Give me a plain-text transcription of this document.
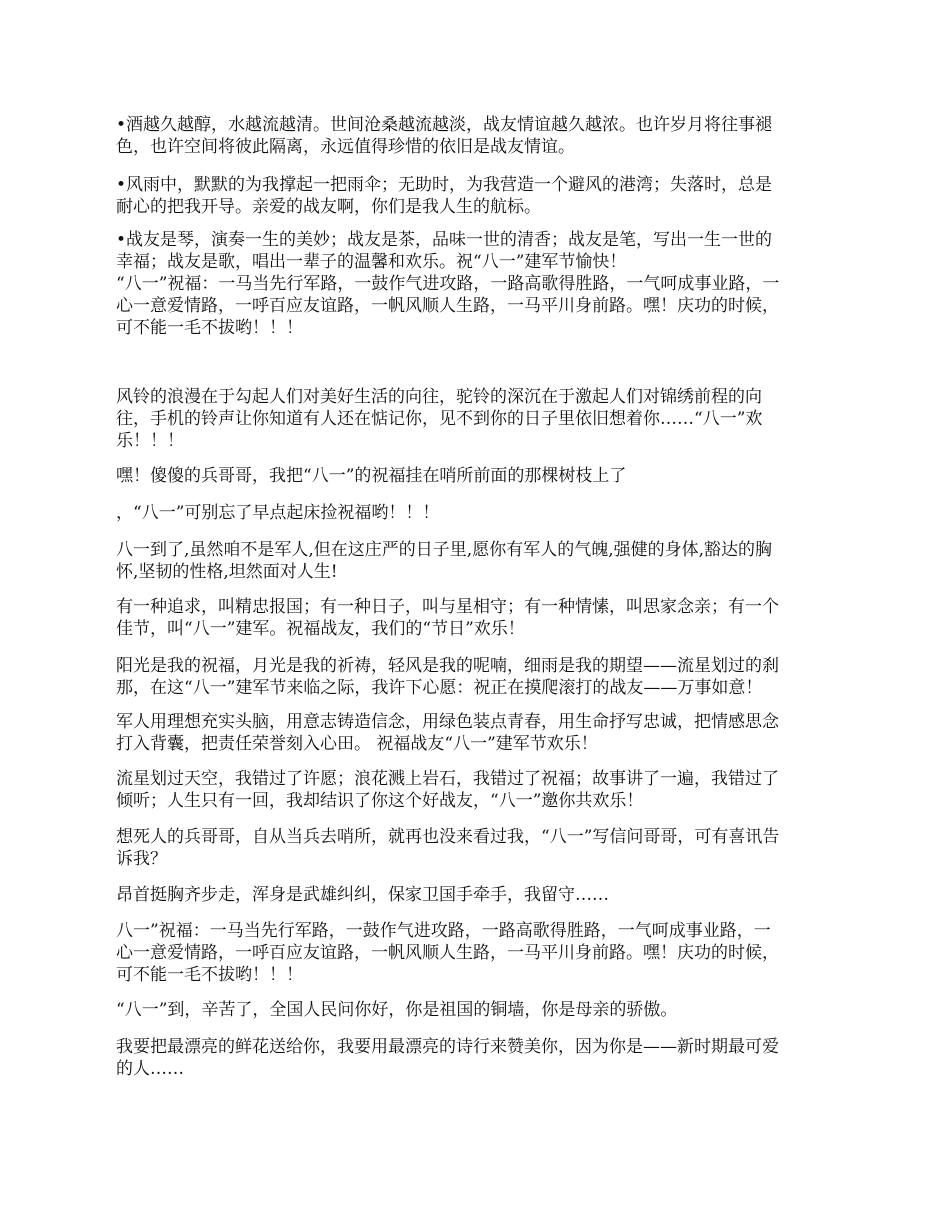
•酒越久越醇，水越流越清。世间沧桑越流越淡，战友情谊越久越浓。也许岁月将往事褪
色，也许空间将彼此隔离，永远值得珍惜的依旧是战友情谊。

•风雨中，默默的为我撑起一把雨伞；无助时，为我营造一个避风的港湾；失落时，总是
耐心的把我开导。亲爱的战友啊，你们是我人生的航标。

•战友是琴，演奏一生的美妙；战友是茶，品味一世的清香；战友是笔，写出一生一世的
幸福；战友是歌，唱出一辈子的温馨和欢乐。祝“八一”建军节愉快！
“八一”祝福：一马当先行军路，一鼓作气进攻路，一路高歌得胜路，一气呵成事业路，一
心一意爱情路，一呼百应友谊路，一帆风顺人生路，一马平川身前路。嘿！庆功的时候，
可不能一毛不拔哟！！！

风铃的浪漫在于勾起人们对美好生活的向往，驼铃的深沉在于激起人们对锦绣前程的向
往，手机的铃声让你知道有人还在惦记你，见不到你的日子里依旧想着你……“八一”欢
乐！！！

嘿！傻傻的兵哥哥，我把“八一”的祝福挂在哨所前面的那棵树枝上了

，“八一”可别忘了早点起床捡祝福哟！！！

八一到了,虽然咱不是军人,但在这庄严的日子里,愿你有军人的气魄,强健的身体,豁达的胸
怀,坚韧的性格,坦然面对人生!

有一种追求，叫精忠报国；有一种日子，叫与星相守；有一种情愫，叫思家念亲；有一个
佳节，叫“八一”建军。祝福战友，我们的“节日”欢乐！

阳光是我的祝福，月光是我的祈祷，轻风是我的呢喃，细雨是我的期望——流星划过的刹
那，在这“八一”建军节来临之际，我许下心愿：祝正在摸爬滚打的战友——万事如意！

军人用理想充实头脑，用意志铸造信念，用绿色装点青春，用生命抒写忠诚，把情感思念
打入背囊，把责任荣誉刻入心田。 祝福战友“八一”建军节欢乐！

流星划过天空，我错过了许愿；浪花溅上岩石，我错过了祝福；故事讲了一遍，我错过了
倾听；人生只有一回，我却结识了你这个好战友，“八一”邀你共欢乐！

想死人的兵哥哥，自从当兵去哨所，就再也没来看过我，“八一”写信问哥哥，可有喜讯告
诉我？

昂首挺胸齐步走，浑身是武雄纠纠，保家卫国手牵手，我留守……

八一”祝福：一马当先行军路，一鼓作气进攻路，一路高歌得胜路，一气呵成事业路，一
心一意爱情路，一呼百应友谊路，一帆风顺人生路，一马平川身前路。嘿！庆功的时候，
可不能一毛不拔哟！！！

“八一”到，辛苦了，全国人民问你好，你是祖国的铜墙，你是母亲的骄傲。

我要把最漂亮的鲜花送给你，我要用最漂亮的诗行来赞美你，因为你是——新时期最可爱
的人……
